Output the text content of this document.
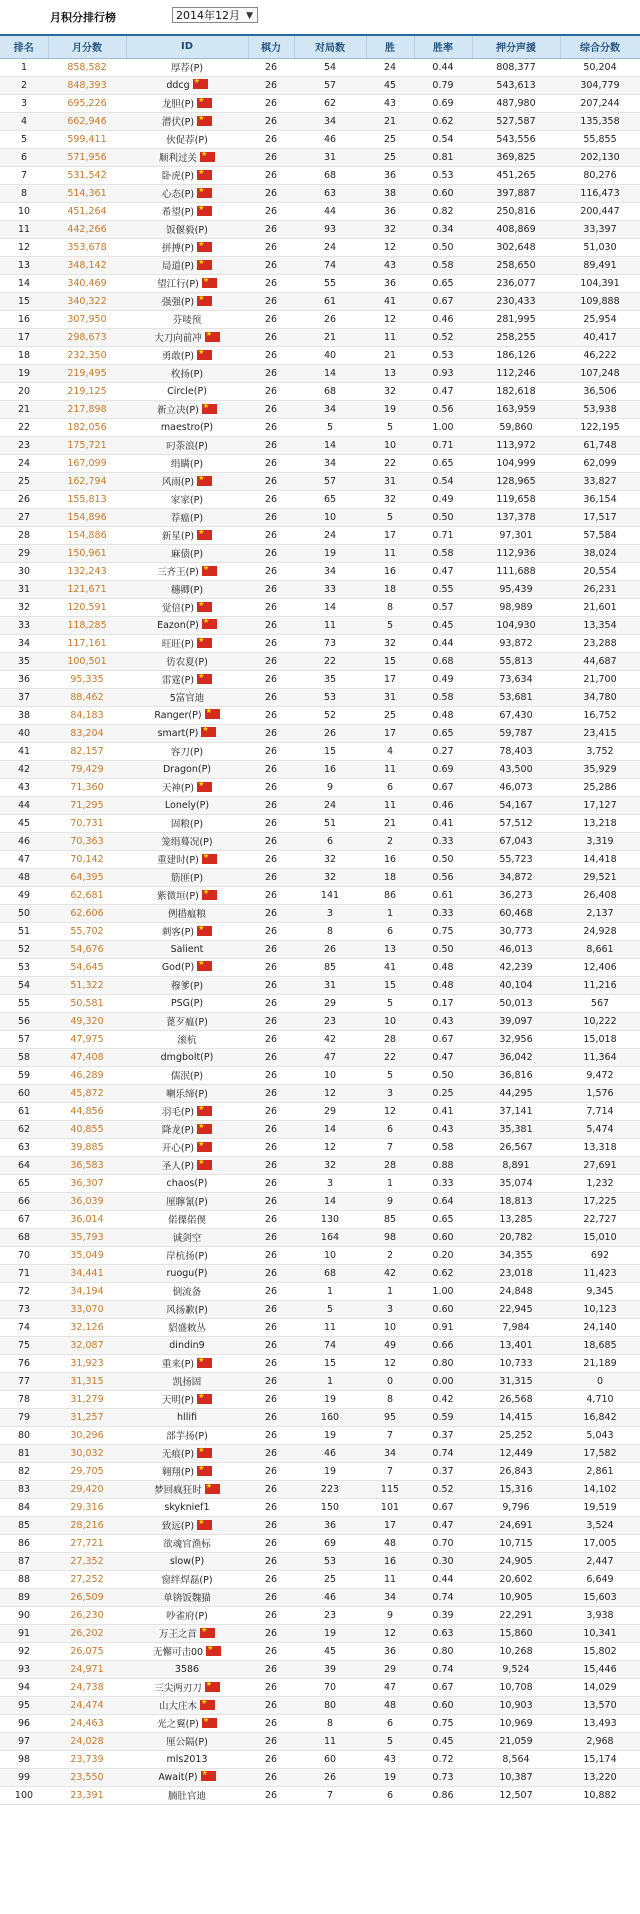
月积分排行榜	2014年12月 ▼
排名	月分数	ID	棋力	对局数	胜	胜率	押分声援	综合分数
1	858,582	厚荐(P)	26	54	24	0.44	808,377	50,204
2	848,393	ddcg ★	26	57	45	0.79	543,613	304,779
3	695,226	龙胆(P) ★	26	62	43	0.69	487,980	207,244
4	662,946	潜伏(P) ★	26	34	21	0.62	527,587	135,358
5	599,411	伙促荐(P)	26	46	25	0.54	543,556	55,855
6	571,956	顺利过关 ★	26	31	25	0.81	369,825	202,130
7	531,542	卧虎(P) ★	26	68	36	0.53	451,265	80,276
8	514,361	心态(P) ★	26	63	38	0.60	397,887	116,473
10	451,264	希望(P) ★	26	44	36	0.82	250,816	200,447
11	442,266	饭偃毅(P)	26	93	32	0.34	408,869	33,397
12	353,678	拼搏(P) ★	26	24	12	0.50	302,648	51,030
13	348,142	局道(P) ★	26	74	43	0.58	258,650	89,491
14	340,469	望江行(P) ★	26	55	36	0.65	236,077	104,391
15	340,322	强强(P) ★	26	61	41	0.67	230,433	109,888
16	307,950	芬唛预	26	26	12	0.46	281,995	25,954
17	298,673	大刀向前冲 ★	26	21	11	0.52	258,255	40,417
18	232,350	勇敢(P) ★	26	40	21	0.53	186,126	46,222
19	219,495	枚扬(P)	26	14	13	0.93	112,246	107,248
20	219,125	Circle(P)	26	68	32	0.47	182,618	36,506
21	217,898	新立决(P) ★	26	34	19	0.56	163,959	53,938
22	182,056	maestro(P)	26	5	5	1.00	59,860	122,195
23	175,721	叼荼浪(P)	26	14	10	0.71	113,972	61,748
24	167,099	绢瞒(P)	26	34	22	0.65	104,999	62,099
25	162,794	风雨(P) ★	26	57	31	0.54	128,965	33,827
26	155,813	家家(P)	26	65	32	0.49	119,658	36,154
27	154,896	荐瘟(P)	26	10	5	0.50	137,378	17,517
28	154,886	新星(P) ★	26	24	17	0.71	97,301	57,584
29	150,961	麻债(P)	26	19	11	0.58	112,936	38,024
30	132,243	三齐王(P) ★	26	34	16	0.47	111,688	20,554
31	121,671	穗卿(P)	26	33	18	0.55	95,439	26,231
32	120,591	觉倍(P) ★	26	14	8	0.57	98,989	21,601
33	118,285	Eazon(P) ★	26	11	5	0.45	104,930	13,354
34	117,161	旺旺(P) ★	26	73	32	0.44	93,872	23,288
35	100,501	彷农夏(P)	26	22	15	0.68	55,813	44,687
36	95,335	雷霆(P) ★	26	35	17	0.49	73,634	21,700
37	88,462	5富官迪	26	53	31	0.58	53,681	34,780
38	84,183	Ranger(P) ★	26	52	25	0.48	67,430	16,752
40	83,204	smart(P) ★	26	26	17	0.65	59,787	23,415
41	82,157	容刀(P)	26	15	4	0.27	78,403	3,752
42	79,429	Dragon(P)	26	16	11	0.69	43,500	35,929
43	71,360	天神(P) ★	26	9	6	0.67	46,073	25,286
44	71,295	Lonely(P)	26	24	11	0.46	54,167	17,127
45	70,731	固粮(P)	26	51	21	0.41	57,512	13,218
46	70,363	笼绢蓦况(P)	26	6	2	0.33	67,043	3,319
47	70,142	重建时(P) ★	26	32	16	0.50	55,723	14,418
48	64,395	筋匪(P)	26	32	18	0.56	34,872	29,521
49	62,681	紫微垣(P) ★	26	141	86	0.61	36,273	26,408
50	62,606	例措瘟粮	26	3	1	0.33	60,468	2,137
51	55,702	刺客(P) ★	26	8	6	0.75	30,773	24,928
52	54,676	Salient	26	26	13	0.50	46,013	8,661
53	54,645	God(P) ★	26	85	41	0.48	42,239	12,406
54	51,322	穆爹(P)	26	31	15	0.48	40,104	11,216
55	50,581	PSG(P)	26	29	5	0.17	50,013	567
56	49,320	蓖歹瘟(P)	26	23	10	0.43	39,097	10,222
57	47,975	滚杭	26	42	28	0.67	32,956	15,018
58	47,408	dmgbolt(P)	26	47	22	0.47	36,042	11,364
59	46,289	儒泯(P)	26	10	5	0.50	36,816	9,472
60	45,872	喇乐缔(P)	26	12	3	0.25	44,295	1,576
61	44,856	羽毛(P) ★	26	29	12	0.41	37,141	7,714
62	40,855	降龙(P) ★	26	14	6	0.43	35,381	5,474
63	39,885	开心(P) ★	26	12	7	0.58	26,567	13,318
64	36,583	圣人(P) ★	26	32	28	0.88	8,891	27,691
65	36,307	chaos(P)	26	3	1	0.33	35,074	1,232
66	36,039	厘聹氰(P)	26	14	9	0.64	18,813	17,225
67	36,014	偌傈偌偰	26	130	85	0.65	13,285	22,727
68	35,793	诚剑空	26	164	98	0.60	20,782	15,010
70	35,049	岸杭扬(P)	26	10	2	0.20	34,355	692
71	34,441	ruogu(P)	26	68	42	0.62	23,018	11,423
72	34,194	倒流备	26	1	1	1.00	24,848	9,345
73	33,070	风扬歉(P)	26	5	3	0.60	22,945	10,123
74	32,126	貂盛敕丛	26	11	10	0.91	7,984	24,140
75	32,087	dindin9	26	74	49	0.66	13,401	18,685
76	31,923	重来(P) ★	26	15	12	0.80	10,733	21,189
77	31,315	凯扬固	26	1	0	0.00	31,315	0
78	31,279	天明(P) ★	26	19	8	0.42	26,568	4,710
79	31,257	hllifi	26	160	95	0.59	14,415	16,842
80	30,296	部芋扬(P)	26	19	7	0.37	25,252	5,043
81	30,032	无痕(P) ★	26	46	34	0.74	12,449	17,582
82	29,705	翱翔(P) ★	26	19	7	0.37	26,843	2,861
83	29,420	梦回疯狂时 ★	26	223	115	0.52	15,316	14,102
84	29,316	skyknief1	26	150	101	0.67	9,796	19,519
85	28,216	致远(P) ★	26	36	17	0.47	24,691	3,524
86	27,721	欲魂官渔标	26	69	48	0.70	10,715	17,005
87	27,352	slow(P)	26	53	16	0.30	24,905	2,447
88	27,252	窗绊焊磊(P)	26	25	11	0.44	20,602	6,649
89	26,509	单锛饭魏猫	26	46	34	0.74	10,905	15,603
90	26,230	吵雀府(P)	26	23	9	0.39	22,291	3,938
91	26,202	万王之首 ★	26	19	12	0.63	15,860	10,341
92	26,075	无懈可击00 ★	26	45	36	0.80	10,268	15,802
93	24,971	3586	26	39	29	0.74	9,524	15,446
94	24,738	三尖两刃刀 ★	26	70	47	0.67	10,708	14,029
95	24,474	山大庄木 ★	26	80	48	0.60	10,903	13,570
96	24,463	光之翼(P) ★	26	8	6	0.75	10,969	13,493
97	24,028	厘公隔(P)	26	11	5	0.45	21,059	2,968
98	23,739	mls2013	26	60	43	0.72	8,564	15,174
99	23,550	Await(P) ★	26	26	19	0.73	10,387	13,220
100	23,391	腩肚官迪	26	7	6	0.86	12,507	10,882
